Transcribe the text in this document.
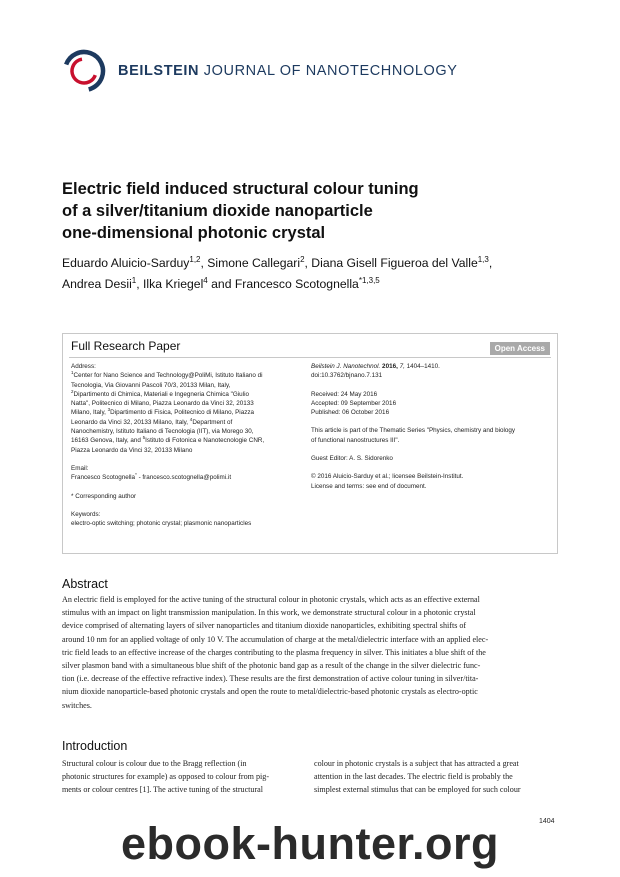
BEILSTEIN JOURNAL OF NANOTECHNOLOGY
Electric field induced structural colour tuning
of a silver/titanium dioxide nanoparticle
one-dimensional photonic crystal
Eduardo Aluicio-Sarduy$^{1,2}$, Simone Callegari$^2$, Diana Gisell Figueroa del Valle$^{1,3}$,
Andrea Desii$^1$, Ilka Kriegel$^4$ and Francesco Scotognella$^{*1,3,5}$
Full Research Paper	Open Access

Address:
$^1$Center for Nano Science and Technology@PoliMi, Istituto Italiano di
Tecnologia, Via Giovanni Pascoli 70/3, 20133 Milan, Italy,
$^2$Dipartimento di Chimica, Materiali e Ingegneria Chimica "Giulio
Natta", Politecnico di Milano, Piazza Leonardo da Vinci 32, 20133
Milano, Italy, $^3$Dipartimento di Fisica, Politecnico di Milano, Piazza
Leonardo da Vinci 32, 20133 Milano, Italy, $^4$Department of
Nanochemistry, Istituto Italiano di Tecnologia (IIT), via Morego 30,
16163 Genova, Italy, and $^5$Istituto di Fotonica e Nanotecnologie CNR,
Piazza Leonardo da Vinci 32, 20133 Milano

Email:
Francesco Scotognella* - francesco.scotognella@polimi.it

* Corresponding author

Keywords:
electro-optic switching; photonic crystal; plasmonic nanoparticles

Beilstein J. Nanotechnol. 2016, 7, 1404–1410.
doi:10.3762/bjnano.7.131

Received: 24 May 2016
Accepted: 09 September 2016
Published: 06 October 2016

This article is part of the Thematic Series "Physics, chemistry and biology
of functional nanostructures III".

Guest Editor: A. S. Sidorenko

© 2016 Aluicio-Sarduy et al.; licensee Beilstein-Institut.
License and terms: see end of document.

Abstract
An electric field is employed for the active tuning of the structural colour in photonic crystals, which acts as an effective external
stimulus with an impact on light transmission manipulation. In this work, we demonstrate structural colour in a photonic crystal
device comprised of alternating layers of silver nanoparticles and titanium dioxide nanoparticles, exhibiting spectral shifts of
around 10 nm for an applied voltage of only 10 V. The accumulation of charge at the metal/dielectric interface with an applied elec-
tric field leads to an effective increase of the charges contributing to the plasma frequency in silver. This initiates a blue shift of the
silver plasmon band with a simultaneous blue shift of the photonic band gap as a result of the change in the silver dielectric func-
tion (i.e. decrease of the effective refractive index). These results are the first demonstration of active colour tuning in silver/tita-
nium dioxide nanoparticle-based photonic crystals and open the route to metal/dielectric-based photonic crystals as electro-optic
switches.
Introduction
Structural colour is colour due to the Bragg reflection (in
photonic structures for example) as opposed to colour from pig-
ments or colour centres [1]. The active tuning of the structural
colour in photonic crystals is a subject that has attracted a great
attention in the last decades. The electric field is probably the
simplest external stimulus that can be employed for such colour
1404
ebook-hunter.org
